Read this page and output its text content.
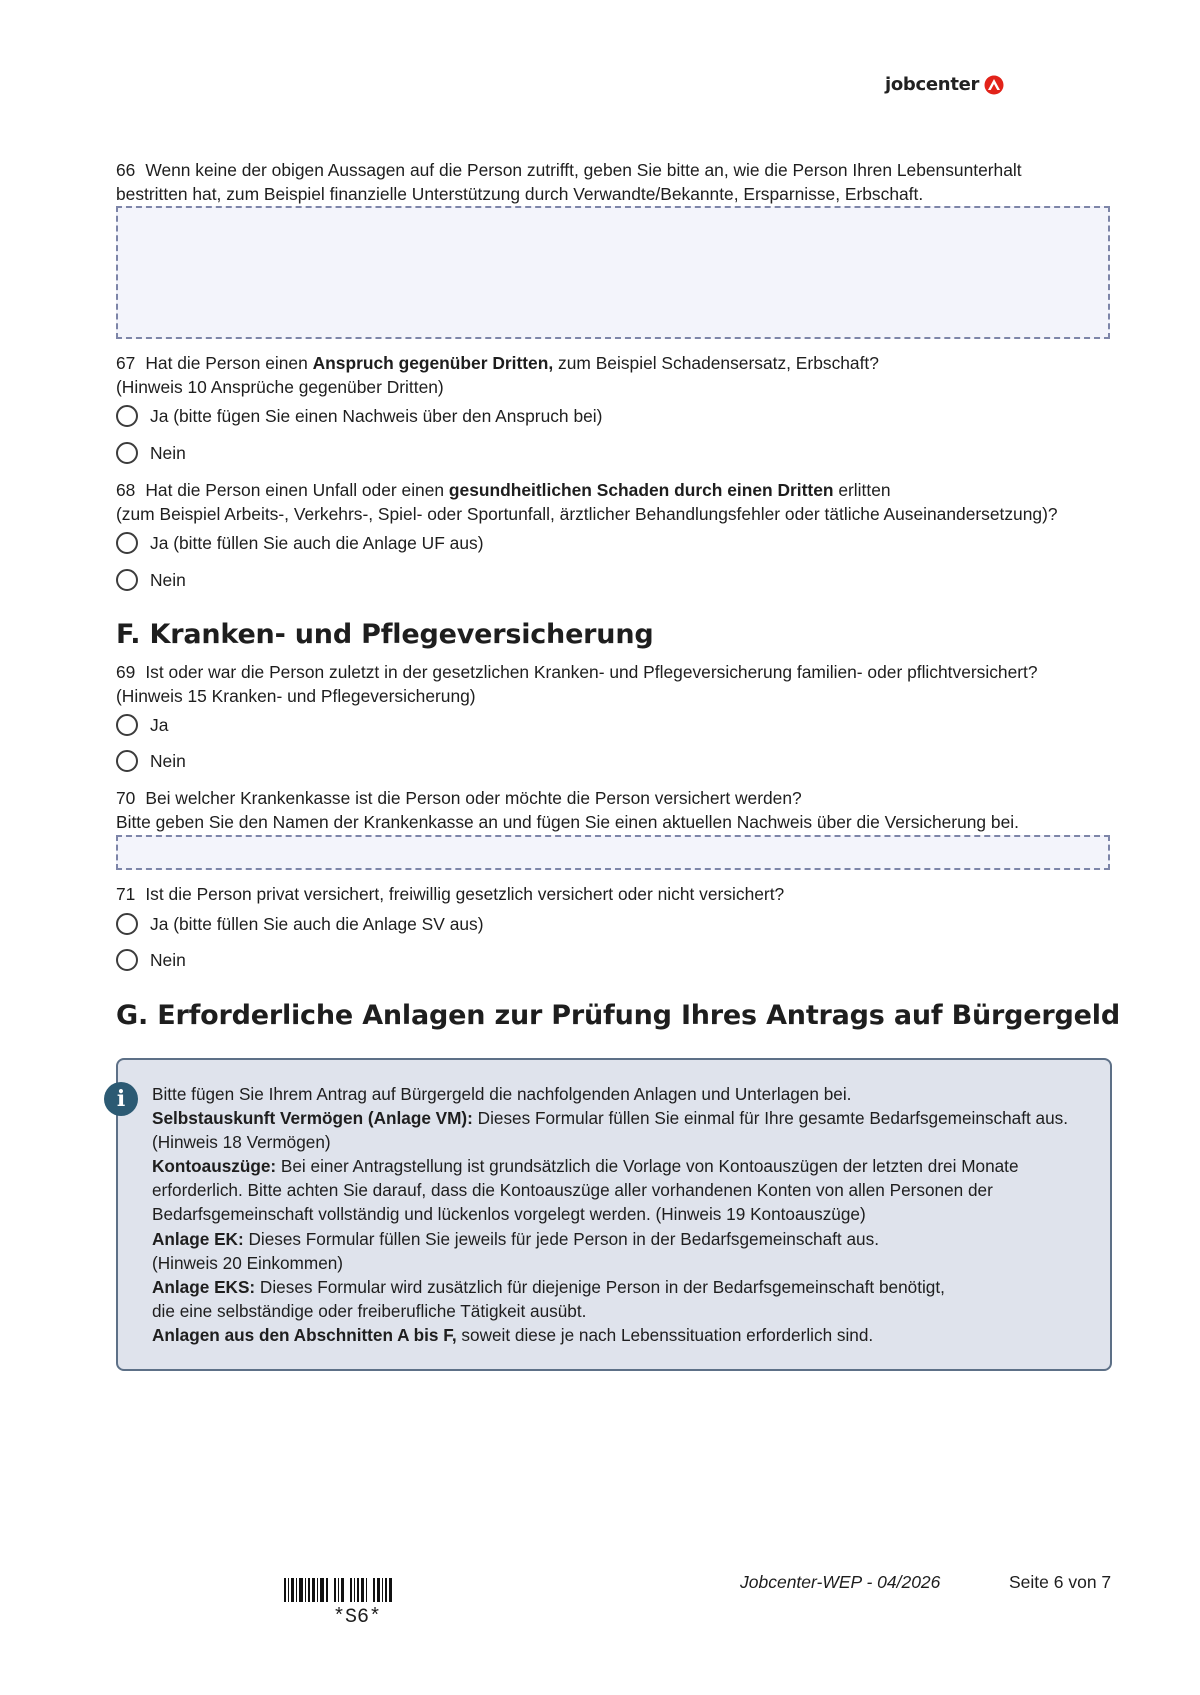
jobcenter
66 Wenn keine der obigen Aussagen auf die Person zutrifft, geben Sie bitte an, wie die Person Ihren Lebensunterhalt
bestritten hat, zum Beispiel finanzielle Unterstützung durch Verwandte/Bekannte, Ersparnisse, Erbschaft.
67 Hat die Person einen Anspruch gegenüber Dritten, zum Beispiel Schadensersatz, Erbschaft?
(Hinweis 10 Ansprüche gegenüber Dritten)
Ja (bitte fügen Sie einen Nachweis über den Anspruch bei)
Nein
68 Hat die Person einen Unfall oder einen gesundheitlichen Schaden durch einen Dritten erlitten
(zum Beispiel Arbeits-, Verkehrs-, Spiel- oder Sportunfall, ärztlicher Behandlungsfehler oder tätliche Auseinandersetzung)?
Ja (bitte füllen Sie auch die Anlage UF aus)
Nein
F. Kranken- und Pflegeversicherung
69 Ist oder war die Person zuletzt in der gesetzlichen Kranken- und Pflegeversicherung familien- oder pflichtversichert?
(Hinweis 15 Kranken- und Pflegeversicherung)
Ja
Nein
70 Bei welcher Krankenkasse ist die Person oder möchte die Person versichert werden?
Bitte geben Sie den Namen der Krankenkasse an und fügen Sie einen aktuellen Nachweis über die Versicherung bei.
71 Ist die Person privat versichert, freiwillig gesetzlich versichert oder nicht versichert?
Ja (bitte füllen Sie auch die Anlage SV aus)
Nein
G. Erforderliche Anlagen zur Prüfung Ihres Antrags auf Bürgergeld
i	Bitte fügen Sie Ihrem Antrag auf Bürgergeld die nachfolgenden Anlagen und Unterlagen bei.

Selbstauskunft Vermögen (Anlage VM): Dieses Formular füllen Sie einmal für Ihre gesamte Bedarfsgemeinschaft aus.

(Hinweis 18 Vermögen)

Kontoauszüge: Bei einer Antragstellung ist grundsätzlich die Vorlage von Kontoauszügen der letzten drei Monate

erforderlich. Bitte achten Sie darauf, dass die Kontoauszüge aller vorhandenen Konten von allen Personen der

Bedarfsgemeinschaft vollständig und lückenlos vorgelegt werden. (Hinweis 19 Kontoauszüge)

Anlage EK: Dieses Formular füllen Sie jeweils für jede Person in der Bedarfsgemeinschaft aus.

(Hinweis 20 Einkommen)

Anlage EKS: Dieses Formular wird zusätzlich für diejenige Person in der Bedarfsgemeinschaft benötigt,

die eine selbständige oder freiberufliche Tätigkeit ausübt.

Anlagen aus den Abschnitten A bis F, soweit diese je nach Lebenssituation erforderlich sind.

*S6*
Jobcenter-WEP - 04/2026	Seite 6 von 7
